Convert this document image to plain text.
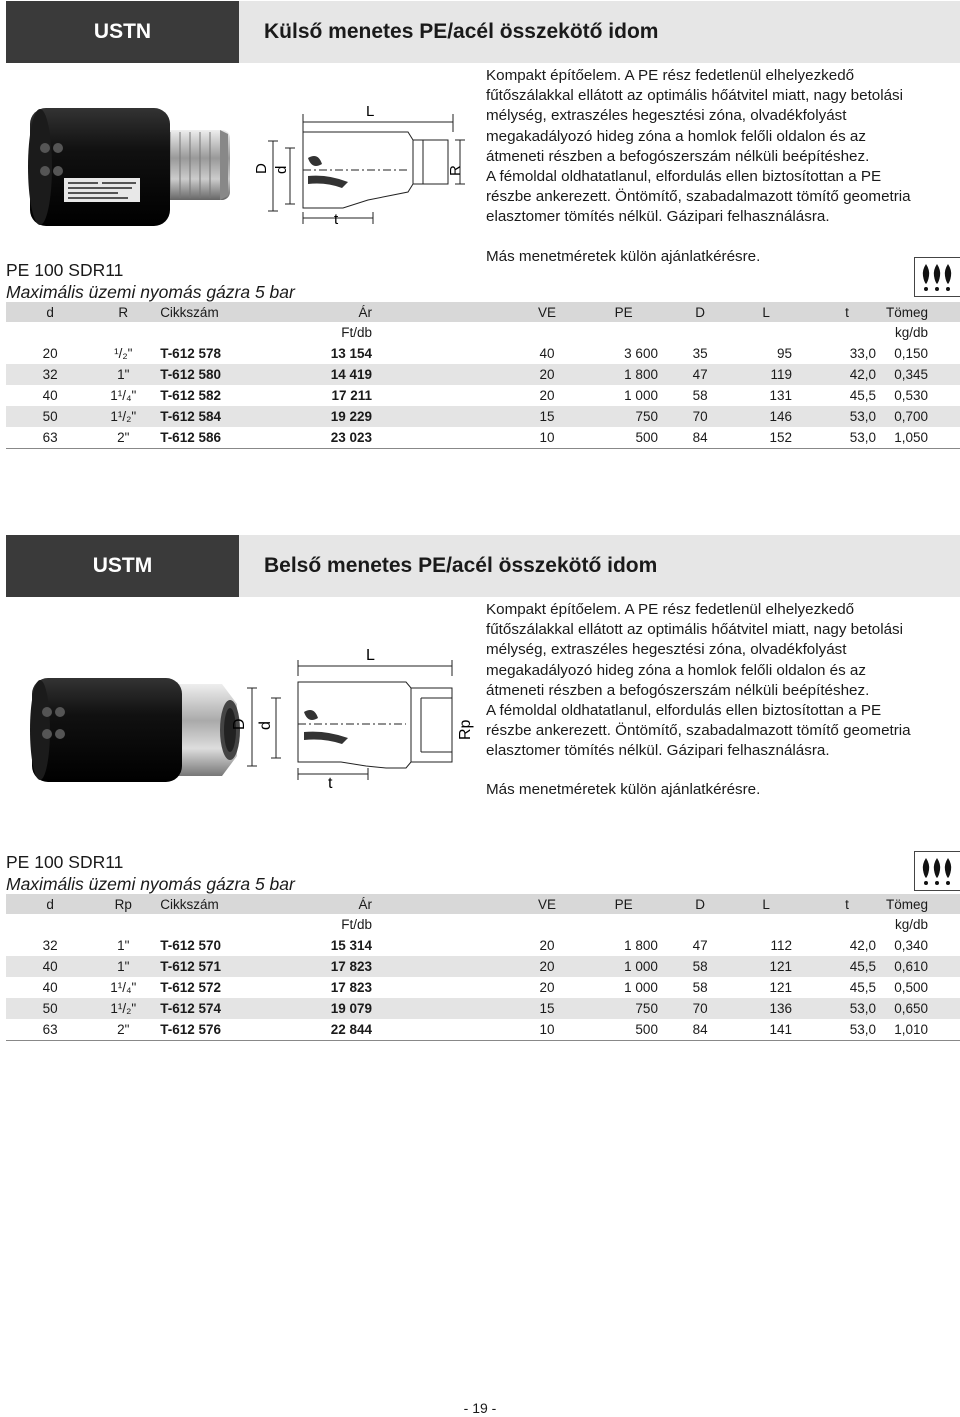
USTN	Külső menetes PE/acél összekötő idom
L
D d
t
R
Kompakt építőelem. A PE rész fedetlenül elhelyezkedő
fűtőszálakkal ellátott az optimális hőátvitel miatt, nagy betolási
mélység, extraszéles hegesztési zóna, olvadékfolyást
megakadályozó hideg zóna a homlok felőli oldalon és az
átmeneti részben a befogószerszám nélküli beépítéshez.
A fémoldal oldhatatlanul, elfordulás ellen biztosítottan a PE
részbe ankerezett. Öntömítő, szabadalmazott tömítő geometria
elasztomer tömítés nélkül. Gázipari felhasználásra.
Más menetméretek külön ajánlatkérésre.
PE 100 SDR11
Maximális üzemi nyomás gázra 5 bar
d	R	Cikkszám	Ár		VE	PE	D	L	t	Tömeg
			Ft/db							kg/db
20	¹/₂"	T-612 578	13 154		40	3 600	35	95	33,0	0,150
32	1"	T-612 580	14 419		20	1 800	47	119	42,0	0,345
40	1¹/₄"	T-612 582	17 211		20	1 000	58	131	45,5	0,530
50	1¹/₂"	T-612 584	19 229		15	750	70	146	53,0	0,700
63	2"	T-612 586	23 023		10	500	84	152	53,0	1,050
USTM	Belső menetes PE/acél összekötő idom
L
D d
t
Rp
Kompakt építőelem. A PE rész fedetlenül elhelyezkedő
fűtőszálakkal ellátott az optimális hőátvitel miatt, nagy betolási
mélység, extraszéles hegesztési zóna, olvadékfolyást
megakadályozó hideg zóna a homlok felőli oldalon és az
átmeneti részben a befogószerszám nélküli beépítéshez.
A fémoldal oldhatatlanul, elfordulás ellen biztosítottan a PE
részbe ankerezett. Öntömítő, szabadalmazott tömítő geometria
elasztomer tömítés nélkül. Gázipari felhasználásra.
Más menetméretek külön ajánlatkérésre.
PE 100 SDR11
Maximális üzemi nyomás gázra 5 bar
d	Rp	Cikkszám	Ár		VE	PE	D	L	t	Tömeg
			Ft/db							kg/db
32	1"	T-612 570	15 314		20	1 800	47	112	42,0	0,340
40	1"	T-612 571	17 823		20	1 000	58	121	45,5	0,610
40	1¹/₄"	T-612 572	17 823		20	1 000	58	121	45,5	0,500
50	1¹/₂"	T-612 574	19 079		15	750	70	136	53,0	0,650
63	2"	T-612 576	22 844		10	500	84	141	53,0	1,010
- 19 -
